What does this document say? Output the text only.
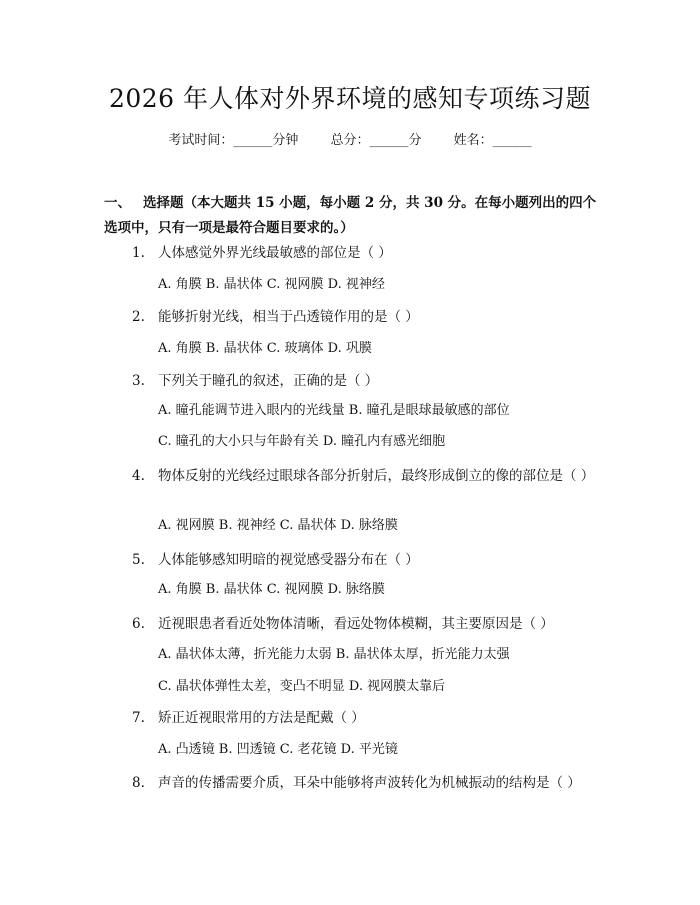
2026 年人体对外界环境的感知专项练习题
考试时间：______分钟 总分：______分 姓名：______
一、 选择题（本大题共 15 小题，每小题 2 分，共 30 分。在每小题列出的四个选项中，只有一项是最符合题目要求的。）
1. 人体感觉外界光线最敏感的部位是（ ）
A. 角膜 B. 晶状体 C. 视网膜 D. 视神经
2. 能够折射光线，相当于凸透镜作用的是（ ）
A. 角膜 B. 晶状体 C. 玻璃体 D. 巩膜
3. 下列关于瞳孔的叙述，正确的是（ ）
A. 瞳孔能调节进入眼内的光线量 B. 瞳孔是眼球最敏感的部位
C. 瞳孔的大小只与年龄有关 D. 瞳孔内有感光细胞
4. 物体反射的光线经过眼球各部分折射后，最终形成倒立的像的部位是（ ）
A. 视网膜 B. 视神经 C. 晶状体 D. 脉络膜
5. 人体能够感知明暗的视觉感受器分布在（ ）
A. 角膜 B. 晶状体 C. 视网膜 D. 脉络膜
6. 近视眼患者看近处物体清晰，看远处物体模糊，其主要原因是（ ）
A. 晶状体太薄，折光能力太弱 B. 晶状体太厚，折光能力太强
C. 晶状体弹性太差，变凸不明显 D. 视网膜太靠后
7. 矫正近视眼常用的方法是配戴（ ）
A. 凸透镜 B. 凹透镜 C. 老花镜 D. 平光镜
8. 声音的传播需要介质，耳朵中能够将声波转化为机械振动的结构是（ ）
